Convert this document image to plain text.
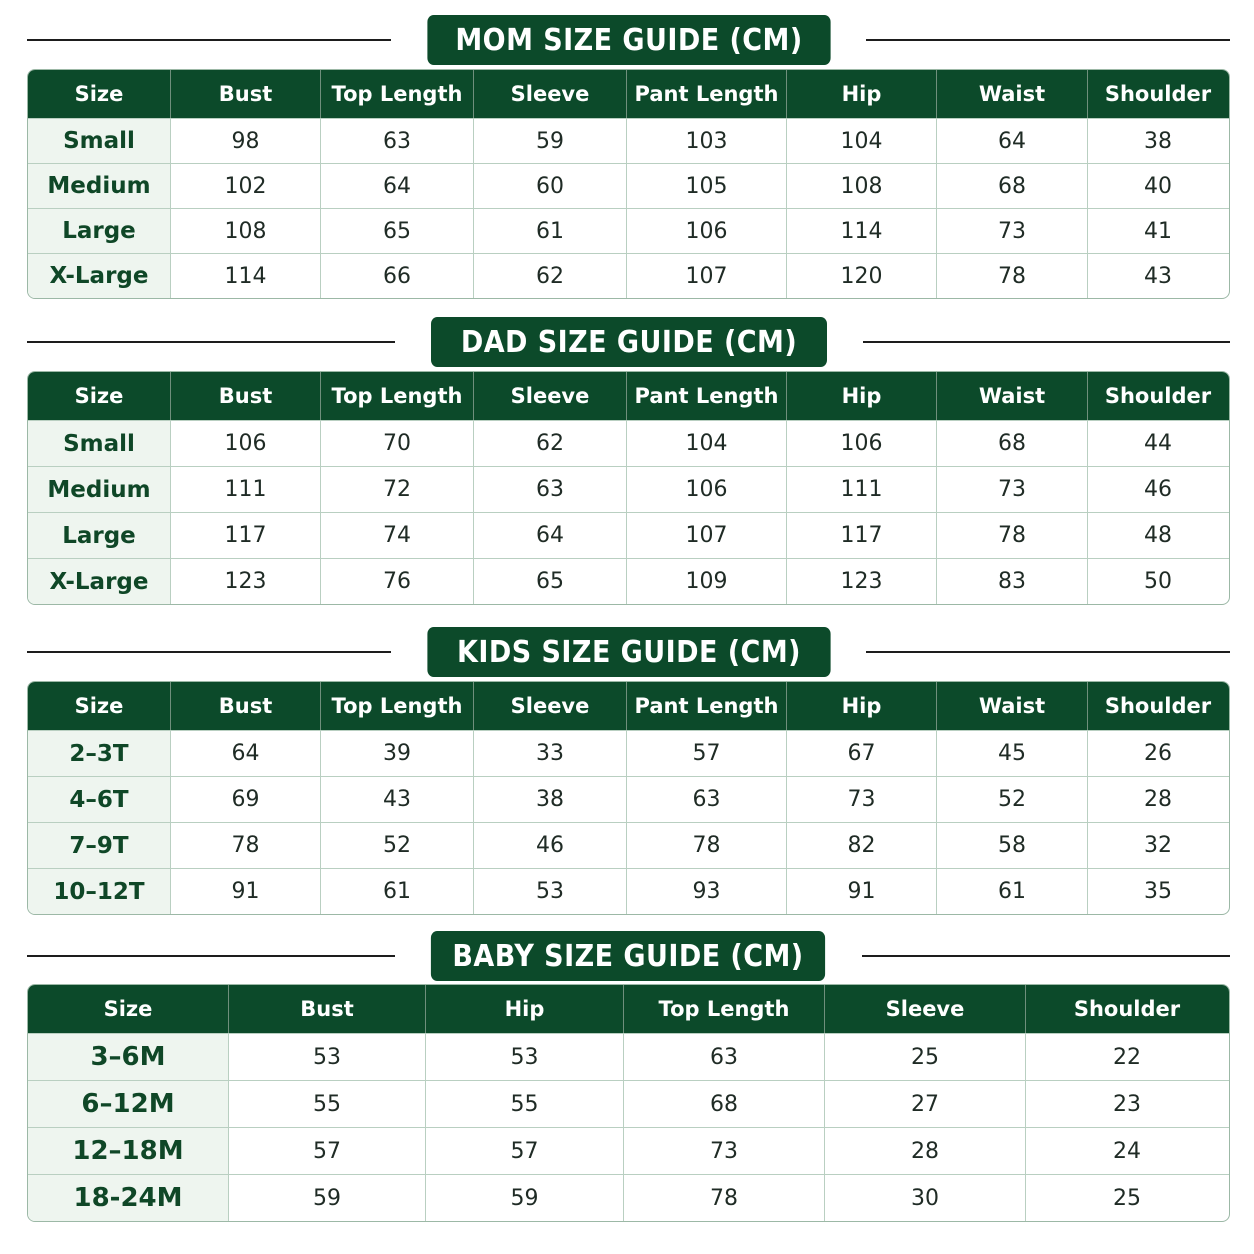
MOM SIZE GUIDE (CM)
Size	Bust	Top Length	Sleeve	Pant Length	Hip	Waist	Shoulder
Small	98	63	59	103	104	64	38
Medium	102	64	60	105	108	68	40
Large	108	65	61	106	114	73	41
X-Large	114	66	62	107	120	78	43
DAD SIZE GUIDE (CM)
Size	Bust	Top Length	Sleeve	Pant Length	Hip	Waist	Shoulder
Small	106	70	62	104	106	68	44
Medium	111	72	63	106	111	73	46
Large	117	74	64	107	117	78	48
X-Large	123	76	65	109	123	83	50
KIDS SIZE GUIDE (CM)
Size	Bust	Top Length	Sleeve	Pant Length	Hip	Waist	Shoulder
2–3T	64	39	33	57	67	45	26
4–6T	69	43	38	63	73	52	28
7–9T	78	52	46	78	82	58	32
10–12T	91	61	53	93	91	61	35
BABY SIZE GUIDE (CM)
Size	Bust	Hip	Top Length	Sleeve	Shoulder
3–6M	53	53	63	25	22
6–12M	55	55	68	27	23
12–18M	57	57	73	28	24
18-24M	59	59	78	30	25
